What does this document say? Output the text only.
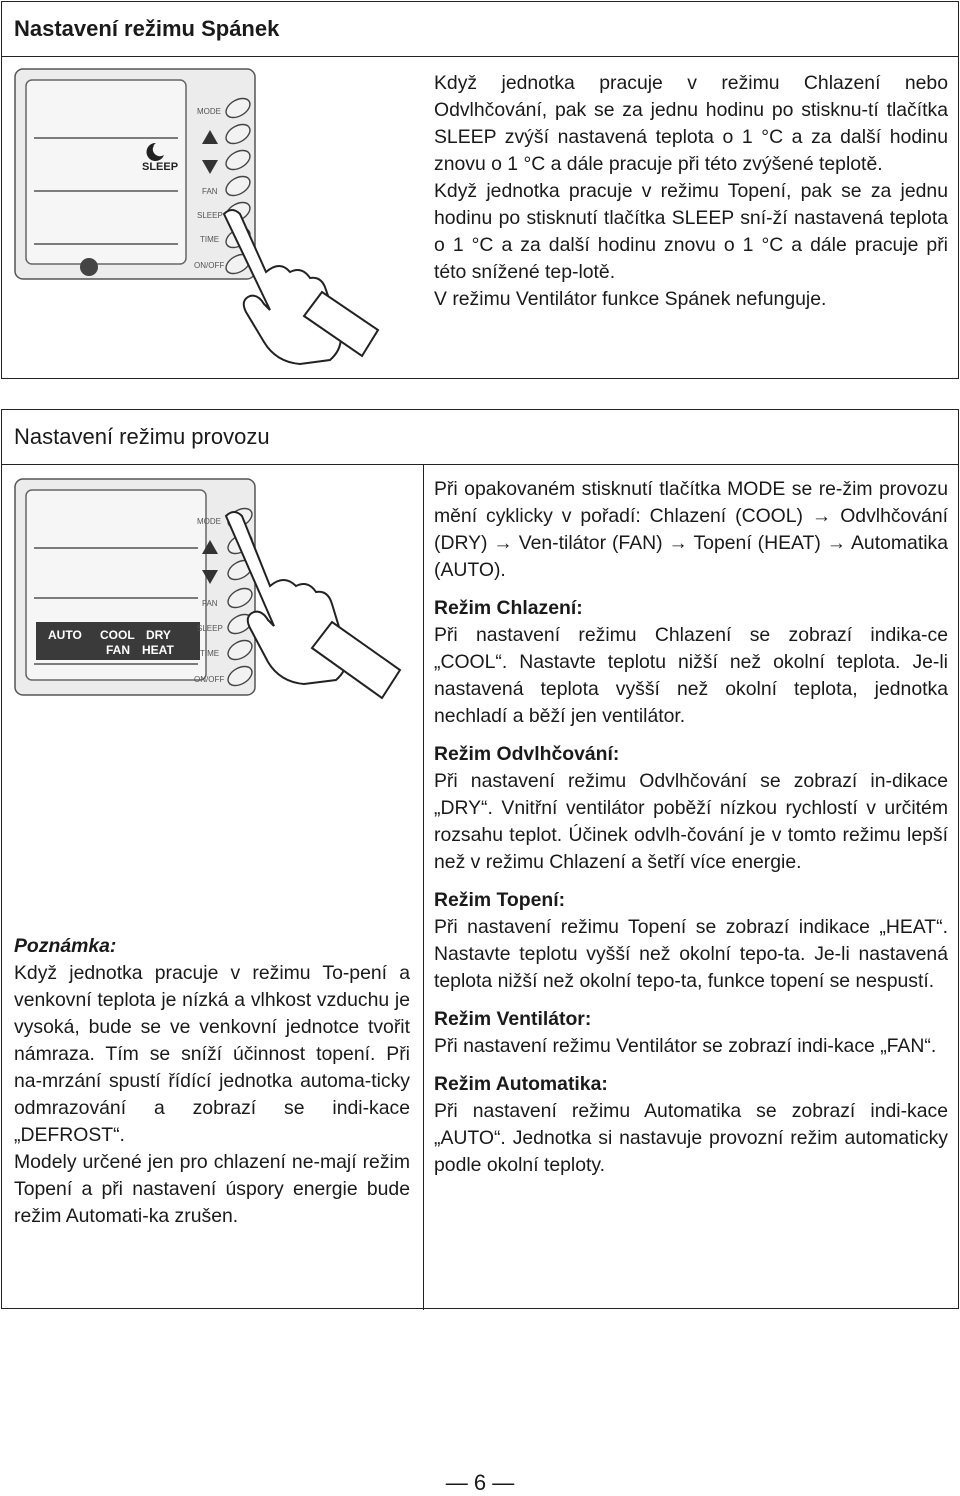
Nastavení režimu Spánek
+
SLEEP
MODE
FAN
SLEEP
TIME
ON/OFF

Když jednotka pracuje v režimu Chlazení nebo Odvlhčování, pak se za jednu hodinu po stisknu-tí tlačítka SLEEP zvýší nastavená teplota o 1 °C a za další hodinu znovu o 1 °C a dále pracuje při této zvýšené teplotě.

Když jednotka pracuje v režimu Topení, pak se za jednu hodinu po stisknutí tlačítka SLEEP sní-ží nastavená teplota o 1 °C a za další hodinu znovu o 1 °C a dále pracuje při této snížené tep-lotě.

V režimu Ventilátor funkce Spánek nefunguje.

Nastavení režimu provozu
AUTO COOL DRY
FAN HEAT
MODE
FAN
SLEEP
TIME
ON/OFF

Poznámka:

Když jednotka pracuje v režimu To-pení a venkovní teplota je nízká a vlhkost vzduchu je vysoká, bude se ve venkovní jednotce tvořit námraza. Tím se sníží účinnost topení. Při na-mrzání spustí řídící jednotka automa-ticky odmrazování a zobrazí se indi-kace „DEFROST“.

Modely určené jen pro chlazení ne-mají režim Topení a při nastavení úspory energie bude režim Automati-ka zrušen.

Při opakovaném stisknutí tlačítka MODE se re-žim provozu mění cyklicky v pořadí: Chlazení (COOL) → Odvlhčování (DRY) → Ven-tilátor (FAN) → Topení (HEAT) → Automatika (AUTO).

Režim Chlazení:

Při nastavení režimu Chlazení se zobrazí indika-ce „COOL“. Nastavte teplotu nižší než okolní teplota. Je-li nastavená teplota vyšší než okolní teplota, jednotka nechladí a běží jen ventilátor.

Režim Odvlhčování:

Při nastavení režimu Odvlhčování se zobrazí in-dikace „DRY“. Vnitřní ventilátor poběží nízkou rychlostí v určitém rozsahu teplot. Účinek odvlh-čování je v tomto režimu lepší než v režimu Chlazení a šetří více energie.

Režim Topení:

Při nastavení režimu Topení se zobrazí indikace „HEAT“. Nastavte teplotu vyšší než okolní tepo-ta. Je-li nastavená teplota nižší než okolní tepo-ta, funkce topení se nespustí.

Režim Ventilátor:

Při nastavení režimu Ventilátor se zobrazí indi-kace „FAN“.

Režim Automatika:

Při nastavení režimu Automatika se zobrazí indi-kace „AUTO“. Jednotka si nastavuje provozní režim automaticky podle okolní teploty.

— 6 —
